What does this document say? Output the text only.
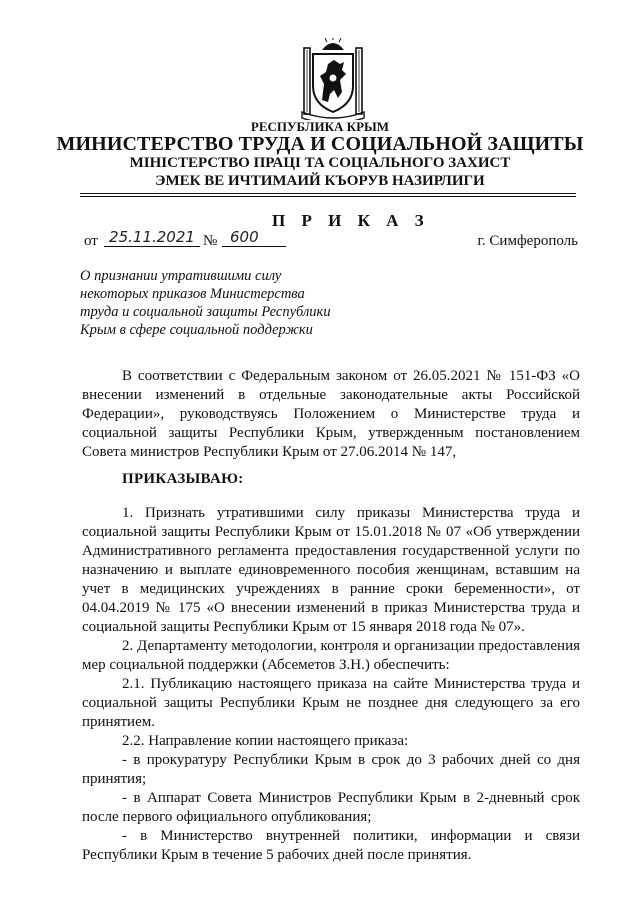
РЕСПУБЛИКА КРЫМ
МИНИСТЕРСТВО ТРУДА И СОЦИАЛЬНОЙ ЗАЩИТЫ
МІНІСТЕРСТВО ПРАЦІ ТА СОЦІАЛЬНОГО ЗАХИСТ
ЭМЕК ВЕ ИЧТИМАИЙ КЪОРУВ НАЗИРЛИГИ
П Р И К А З
от 25.11.2021 № 600	г. Симферополь
О признании утратившими силу некоторых приказов Министерства труда и социальной защиты Республики Крым в сфере социальной поддержки

В соответствии с Федеральным законом от 26.05.2021 № 151-ФЗ «О внесении изменений в отдельные законодательные акты Российской Федерации», руководствуясь Положением о Министерстве труда и социальной защиты Республики Крым, утвержденным постановлением Совета министров Республики Крым от 27.06.2014 № 147,

ПРИКАЗЫВАЮ:

1. Признать утратившими силу приказы Министерства труда и социальной защиты Республики Крым от 15.01.2018 № 07 «Об утверждении Административного регламента предоставления государственной услуги по назначению и выплате единовременного пособия женщинам, вставшим на учет в медицинских учреждениях в ранние сроки беременности», от 04.04.2019 № 175 «О внесении изменений в приказ Министерства труда и социальной защиты Республики Крым от 15 января 2018 года № 07».

2. Департаменту методологии, контроля и организации предоставления мер социальной поддержки (Абсеметов З.Н.) обеспечить:

2.1. Публикацию настоящего приказа на сайте Министерства труда и социальной защиты Республики Крым не позднее дня следующего за его принятием.

2.2. Направление копии настоящего приказа:

- в прокуратуру Республики Крым в срок до 3 рабочих дней со дня принятия;

- в Аппарат Совета Министров Республики Крым в 2-дневный срок после первого официального опубликования;

- в Министерство внутренней политики, информации и связи Республики Крым в течение 5 рабочих дней после принятия.
